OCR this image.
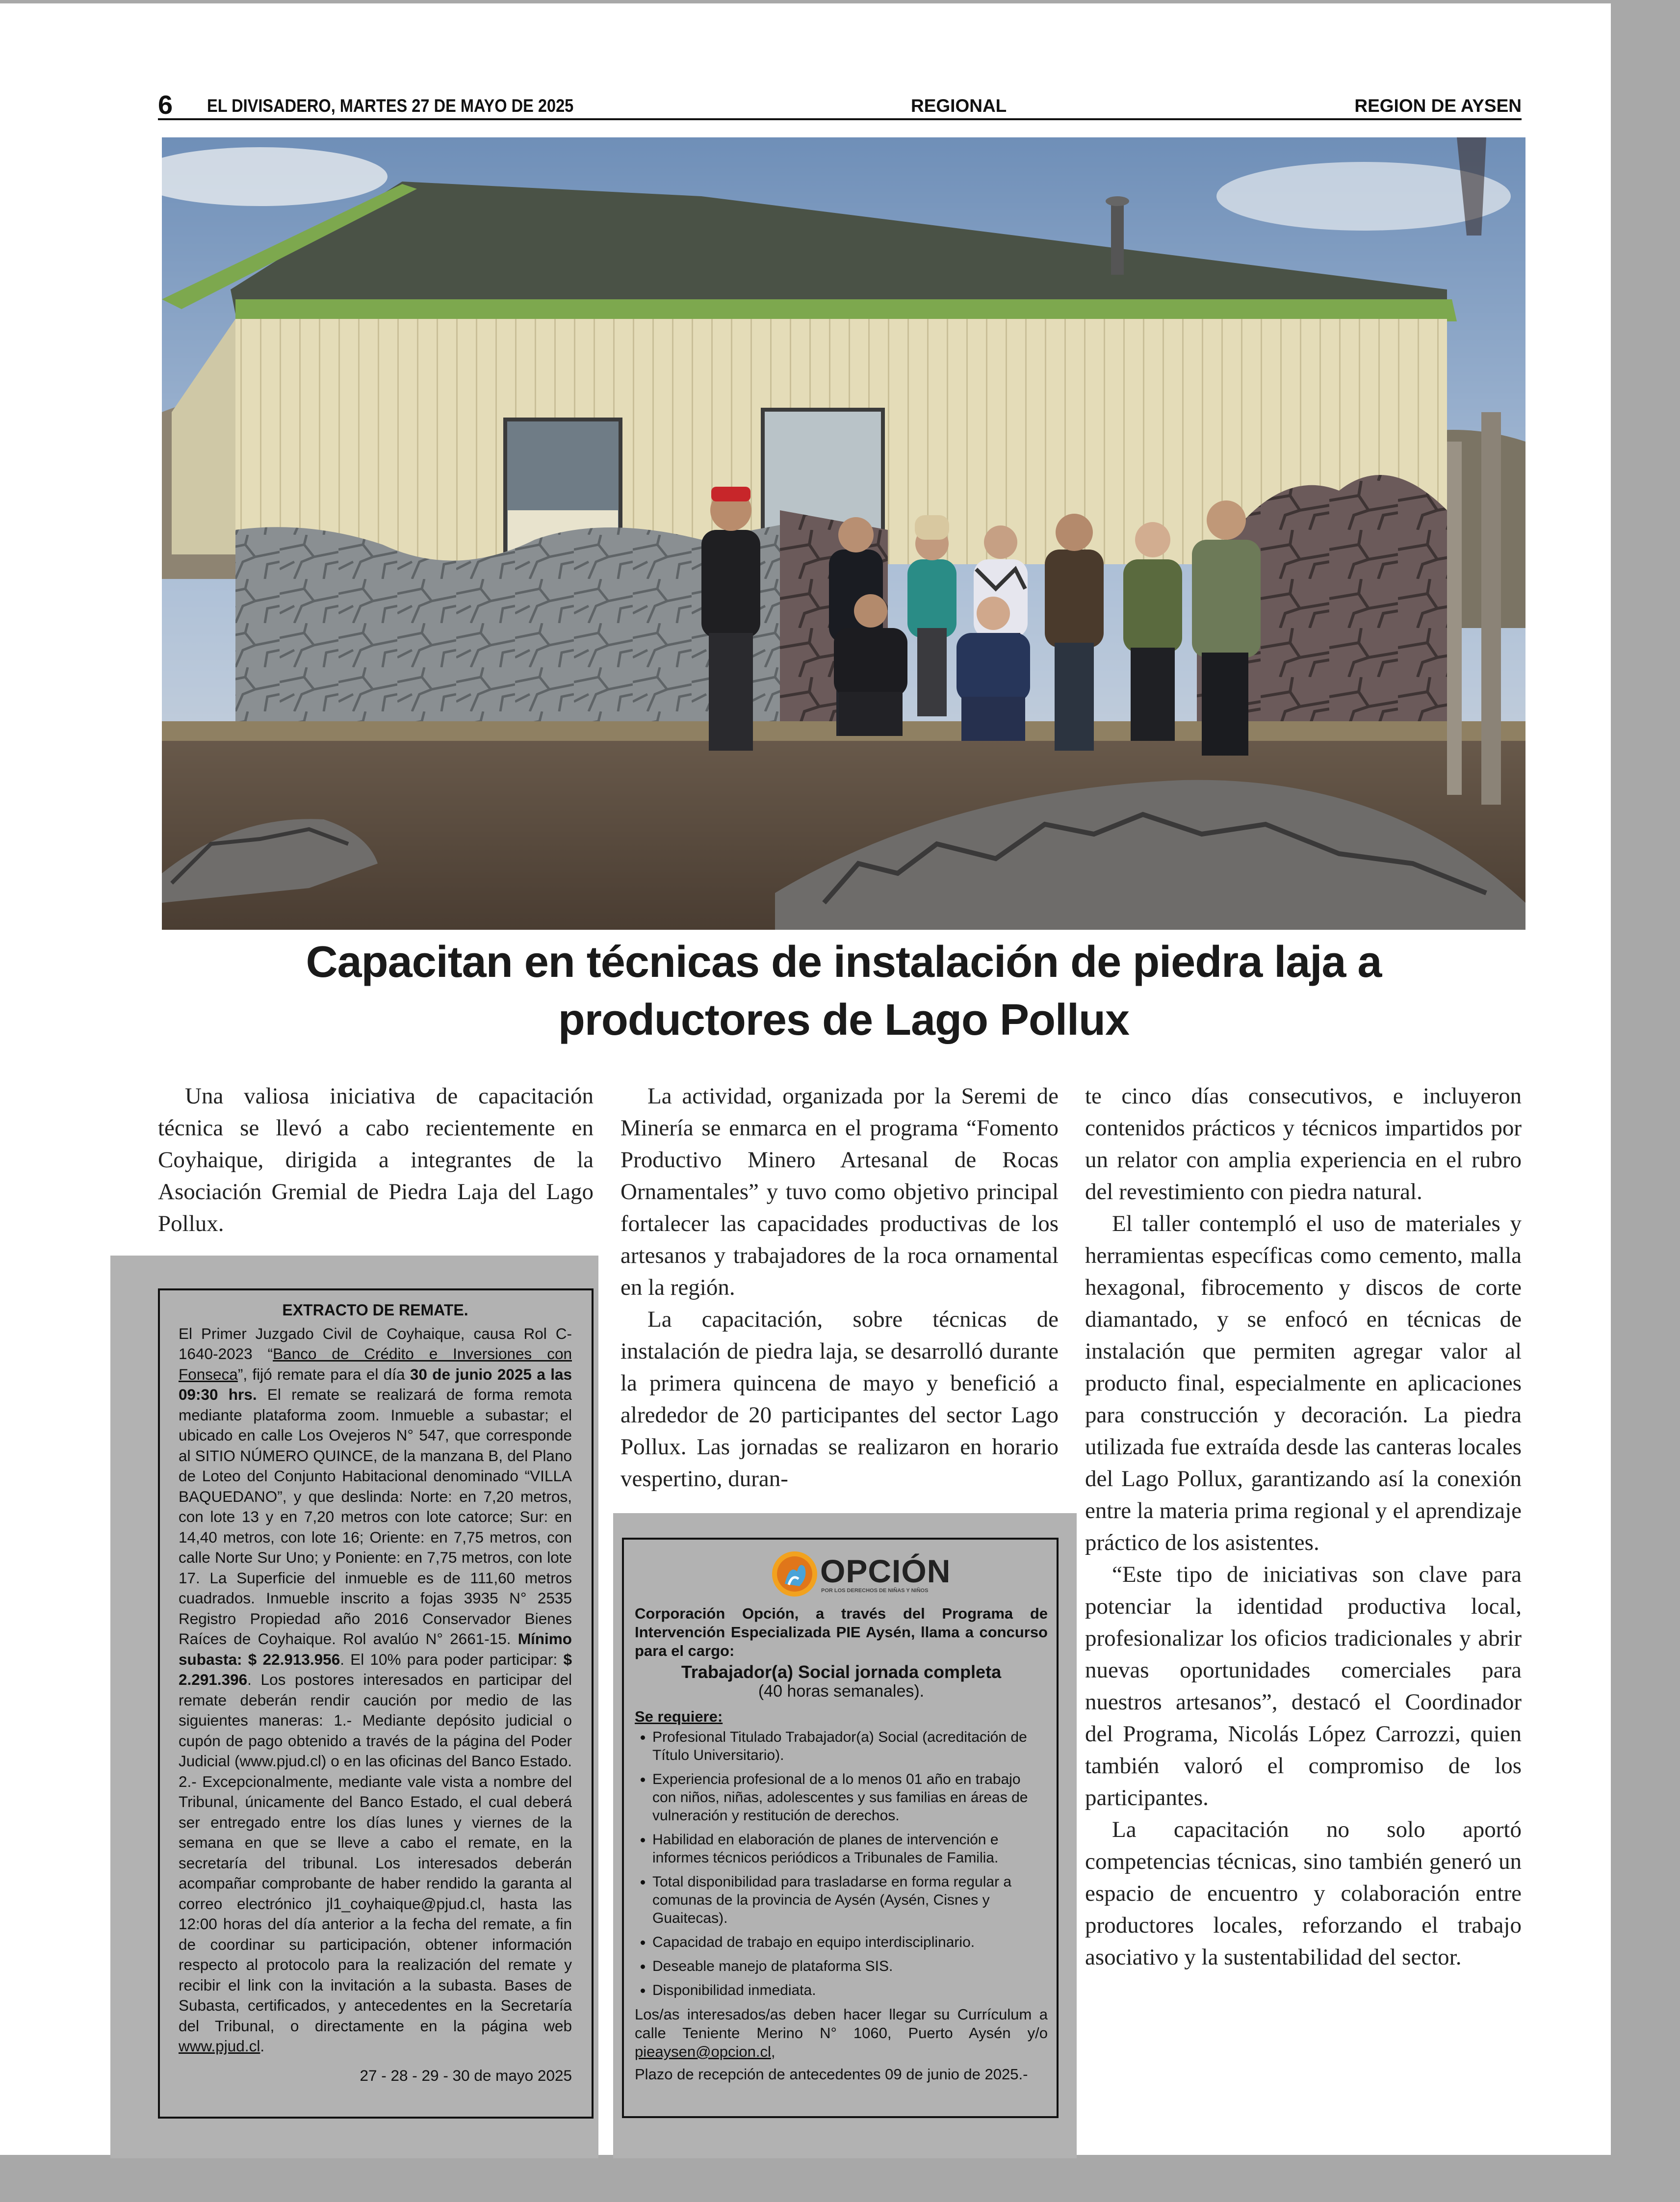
6 EL DIVISADERO, MARTES 27 DE MAYO DE 2025	REGIONAL	REGION DE AYSEN
Capacitan en técnicas de instalación de piedra laja a
productores de Lago Pollux

Una valiosa iniciativa de capacitación técnica se llevó a cabo recientemente en Coyhaique, dirigida a integrantes de la Asociación Gremial de Piedra Laja del Lago Pollux.

La actividad, organizada por la Seremi de Minería se enmarca en el programa “Fomento Productivo Minero Artesanal de Rocas Ornamentales” y tuvo como objetivo principal fortalecer las capacidades productivas de los artesanos y trabajadores de la roca ornamental en la región.

La capacitación, sobre técnicas de instalación de piedra laja, se desarrolló durante la primera quincena de mayo y benefició a alrededor de 20 participantes del sector Lago Pollux. Las jornadas se realizaron en horario vespertino, duran-

te cinco días consecutivos, e incluyeron contenidos prácticos y técnicos impartidos por un relator con amplia experiencia en el rubro del revestimiento con piedra natural.

El taller contempló el uso de materiales y herramientas específicas como cemento, malla hexagonal, fibrocemento y discos de corte diamantado, y se enfocó en técnicas de instalación que permiten agregar valor al producto final, especialmente en aplicaciones para construcción y decoración. La piedra utilizada fue extraída desde las canteras locales del Lago Pollux, garantizando así la conexión entre la materia prima regional y el aprendizaje práctico de los asistentes.

“Este tipo de iniciativas son clave para potenciar la identidad productiva local, profesionalizar los oficios tradicionales y abrir nuevas oportunidades comerciales para nuestros artesanos”, destacó el Coordinador del Programa, Nicolás López Carrozzi, quien también valoró el compromiso de los participantes.

La capacitación no solo aportó competencias técnicas, sino también generó un espacio de encuentro y colaboración entre productores locales, reforzando el trabajo asociativo y la sustentabilidad del sector.

EXTRACTO DE REMATE.
El Primer Juzgado Civil de Coyhaique, causa Rol C-1640-2023 “Banco de Crédito e Inversiones con Fonseca”, fijó remate para el día 30 de junio 2025 a las 09:30 hrs. El remate se realizará de forma remota mediante plataforma zoom. Inmueble a subastar; el ubicado en calle Los Ovejeros N° 547, que corresponde al SITIO NÚMERO QUINCE, de la manzana B, del Plano de Loteo del Conjunto Habitacional denominado “VILLA BAQUEDANO”, y que deslinda: Norte: en 7,20 metros, con lote 13 y en 7,20 metros con lote catorce; Sur: en 14,40 metros, con lote 16; Oriente: en 7,75 metros, con calle Norte Sur Uno; y Poniente: en 7,75 metros, con lote 17. La Superficie del inmueble es de 111,60 metros cuadrados. Inmueble inscrito a fojas 3935 N° 2535 Registro Propiedad año 2016 Conservador Bienes Raíces de Coyhaique. Rol avalúo N° 2661-15. Mínimo subasta: $ 22.913.956. El 10% para poder participar: $ 2.291.396. Los postores interesados en participar del remate deberán rendir caución por medio de las siguientes maneras: 1.- Mediante depósito judicial o cupón de pago obtenido a través de la página del Poder Judicial (www.pjud.cl) o en las oficinas del Banco Estado. 2.- Excepcionalmente, mediante vale vista a nombre del Tribunal, únicamente del Banco Estado, el cual deberá ser entregado entre los días lunes y viernes de la semana en que se lleve a cabo el remate, en la secretaría del tribunal. Los interesados deberán acompañar comprobante de haber rendido la garanta al correo electrónico jl1_coyhaique@pjud.cl, hasta las 12:00 horas del día anterior a la fecha del remate, a fin de coordinar su participación, obtener información respecto al protocolo para la realización del remate y recibir el link con la invitación a la subasta. Bases de Subasta, certificados, y antecedentes en la Secretaría del Tribunal, o directamente en la página web www.pjud.cl.
27 - 28 - 29 - 30 de mayo 2025
OPCIÓN
POR LOS DERECHOS DE NIÑAS Y NIÑOS
Corporación Opción, a través del Programa de Intervención Especializada PIE Aysén, llama a concurso para el cargo:
Trabajador(a) Social jornada completa
(40 horas semanales).
Se requiere:
• Profesional Titulado Trabajador(a) Social (acreditación de Título Universitario).
• Experiencia profesional de a lo menos 01 año en trabajo con niños, niñas, adolescentes y sus familias en áreas de vulneración y restitución de derechos.
• Habilidad en elaboración de planes de intervención e informes técnicos periódicos a Tribunales de Familia.
• Total disponibilidad para trasladarse en forma regular a comunas de la provincia de Aysén (Aysén, Cisnes y Guaitecas).
• Capacidad de trabajo en equipo interdisciplinario.
• Deseable manejo de plataforma SIS.
• Disponibilidad inmediata.
Los/as interesados/as deben hacer llegar su Currículum a calle Teniente Merino N° 1060, Puerto Aysén y/o pieaysen@opcion.cl,
Plazo de recepción de antecedentes 09 de junio de 2025.-
